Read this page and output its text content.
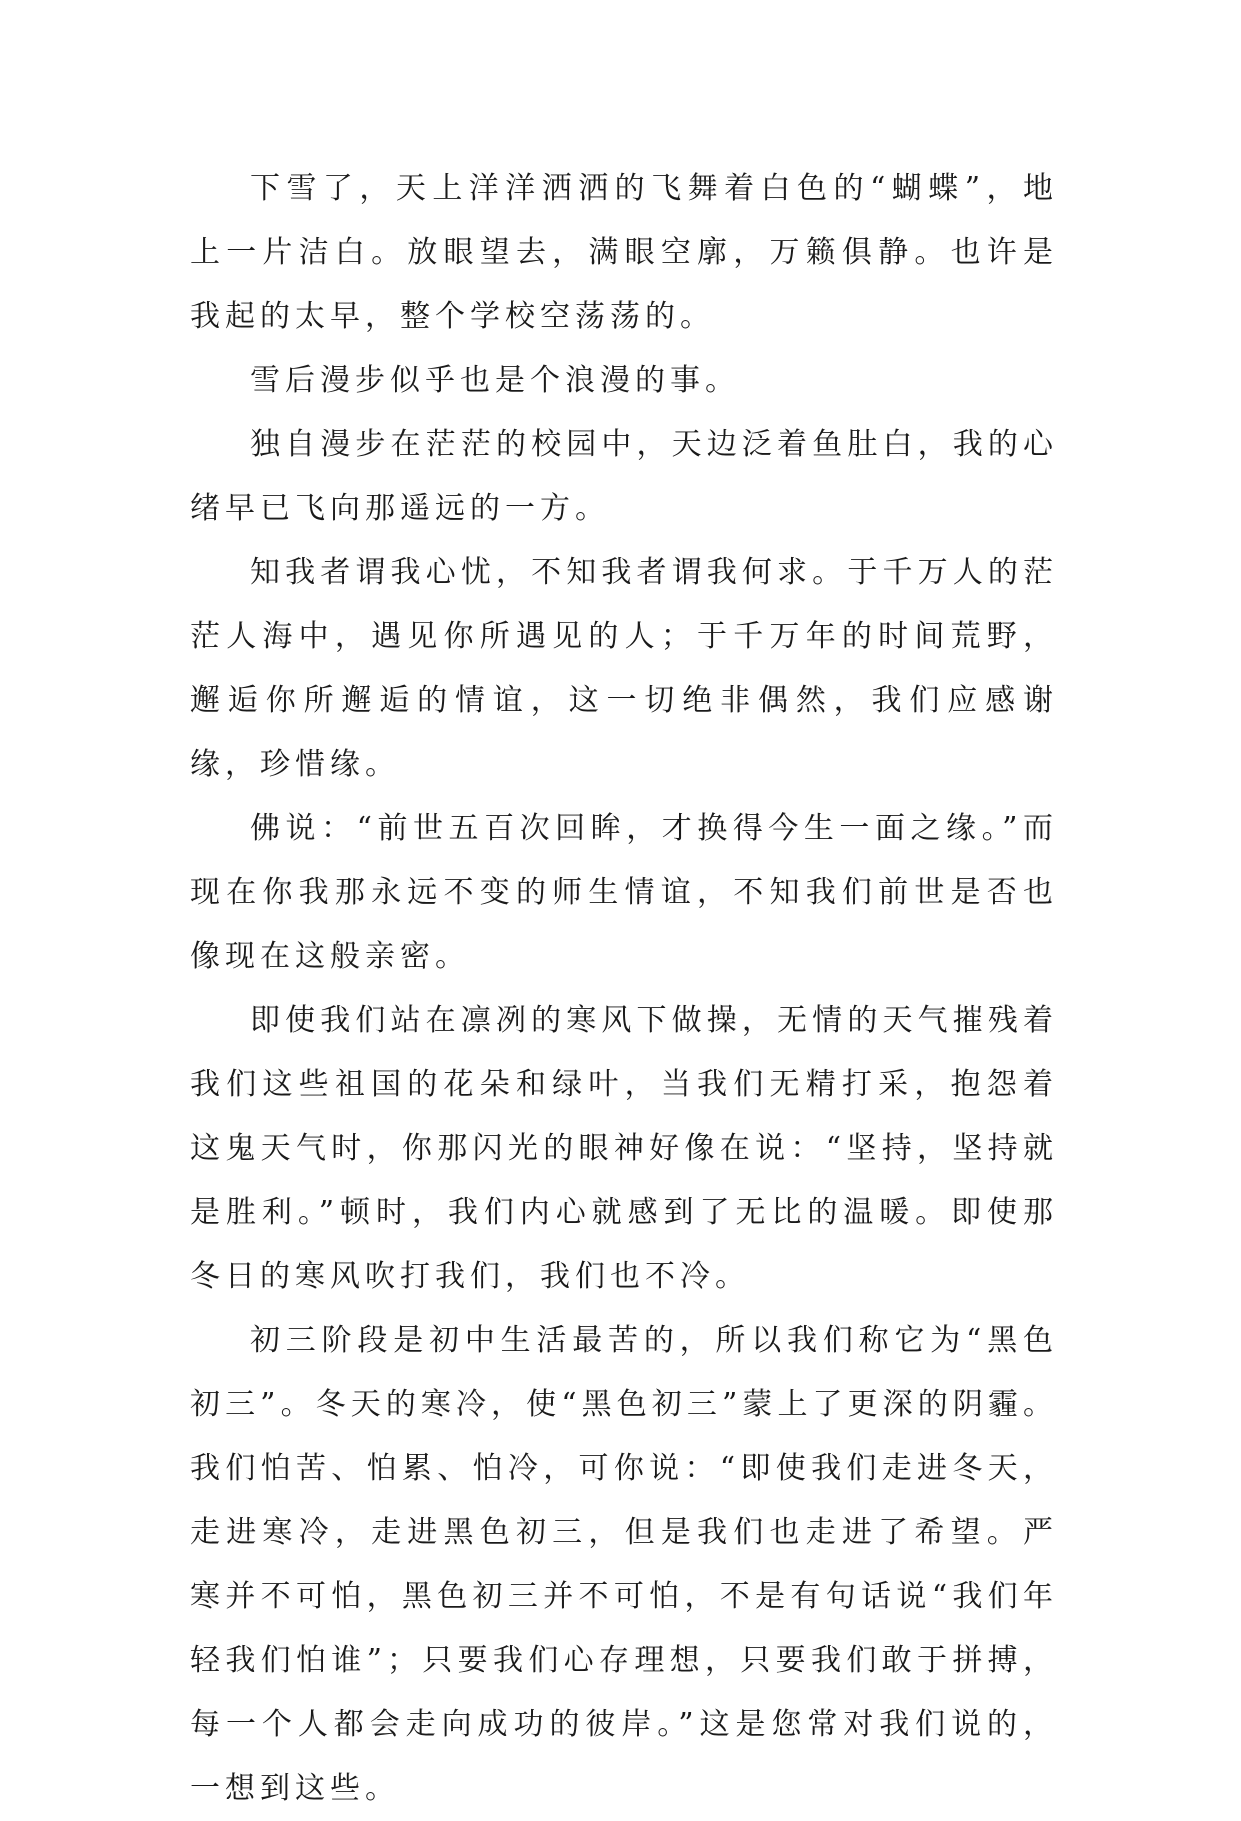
下雪了，天上洋洋洒洒的飞舞着白色的“蝴蝶”，地上一片洁白。放眼望去，满眼空廓，万籁俱静。也许是我起的太早，整个学校空荡荡的。

雪后漫步似乎也是个浪漫的事。

独自漫步在茫茫的校园中，天边泛着鱼肚白，我的心绪早已飞向那遥远的一方。

知我者谓我心忧，不知我者谓我何求。于千万人的茫茫人海中，遇见你所遇见的人；于千万年的时间荒野，邂逅你所邂逅的情谊，这一切绝非偶然，我们应感谢缘，珍惜缘。

佛说：“前世五百次回眸，才换得今生一面之缘。”而现在你我那永远不变的师生情谊，不知我们前世是否也像现在这般亲密。

即使我们站在凛冽的寒风下做操，无情的天气摧残着我们这些祖国的花朵和绿叶，当我们无精打采，抱怨着这鬼天气时，你那闪光的眼神好像在说：“坚持，坚持就是胜利。”顿时，我们内心就感到了无比的温暖。即使那冬日的寒风吹打我们，我们也不冷。

初三阶段是初中生活最苦的，所以我们称它为“黑色初三”。冬天的寒冷，使“黑色初三”蒙上了更深的阴霾。我们怕苦、怕累、怕冷，可你说：“即使我们走进冬天，走进寒冷，走进黑色初三，但是我们也走进了希望。严寒并不可怕，黑色初三并不可怕，不是有句话说“我们年轻我们怕谁”；只要我们心存理想，只要我们敢于拼搏，每一个人都会走向成功的彼岸。”这是您常对我们说的，一想到这些。
